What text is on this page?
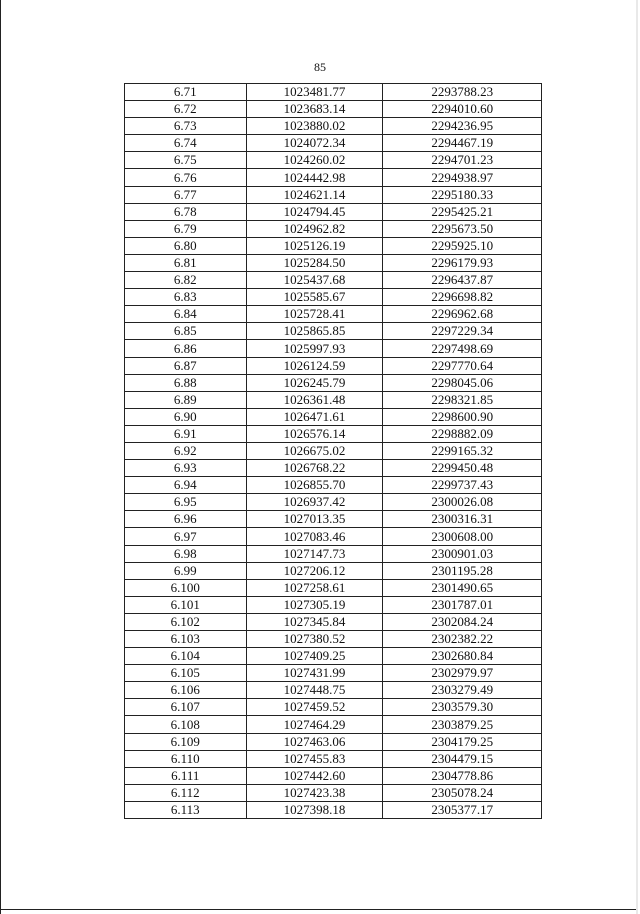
85
6.71	1023481.77	2293788.23
6.72	1023683.14	2294010.60
6.73	1023880.02	2294236.95
6.74	1024072.34	2294467.19
6.75	1024260.02	2294701.23
6.76	1024442.98	2294938.97
6.77	1024621.14	2295180.33
6.78	1024794.45	2295425.21
6.79	1024962.82	2295673.50
6.80	1025126.19	2295925.10
6.81	1025284.50	2296179.93
6.82	1025437.68	2296437.87
6.83	1025585.67	2296698.82
6.84	1025728.41	2296962.68
6.85	1025865.85	2297229.34
6.86	1025997.93	2297498.69
6.87	1026124.59	2297770.64
6.88	1026245.79	2298045.06
6.89	1026361.48	2298321.85
6.90	1026471.61	2298600.90
6.91	1026576.14	2298882.09
6.92	1026675.02	2299165.32
6.93	1026768.22	2299450.48
6.94	1026855.70	2299737.43
6.95	1026937.42	2300026.08
6.96	1027013.35	2300316.31
6.97	1027083.46	2300608.00
6.98	1027147.73	2300901.03
6.99	1027206.12	2301195.28
6.100	1027258.61	2301490.65
6.101	1027305.19	2301787.01
6.102	1027345.84	2302084.24
6.103	1027380.52	2302382.22
6.104	1027409.25	2302680.84
6.105	1027431.99	2302979.97
6.106	1027448.75	2303279.49
6.107	1027459.52	2303579.30
6.108	1027464.29	2303879.25
6.109	1027463.06	2304179.25
6.110	1027455.83	2304479.15
6.111	1027442.60	2304778.86
6.112	1027423.38	2305078.24
6.113	1027398.18	2305377.17
